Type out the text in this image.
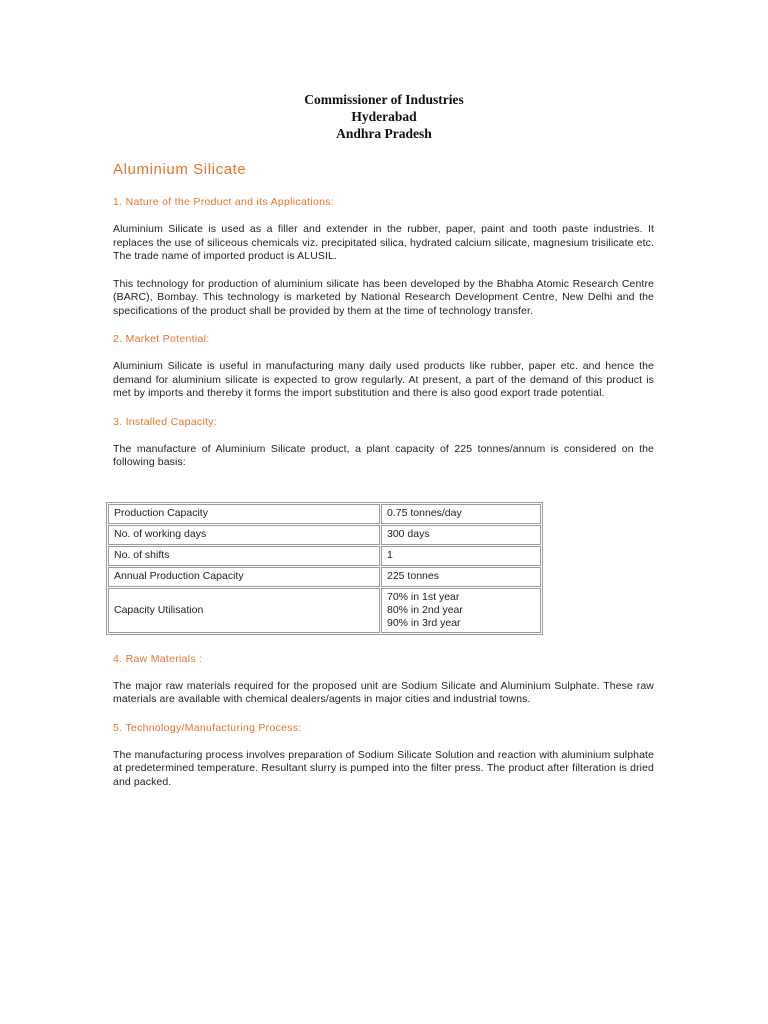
Commissioner of Industries
Hyderabad
Andhra Pradesh
Aluminium Silicate
1. Nature of the Product and its Applications:

Aluminium Silicate is used as a filler and extender in the rubber, paper, paint and tooth paste industries. It replaces the use of siliceous chemicals viz. precipitated silica, hydrated calcium silicate, magnesium trisilicate etc. The trade name of imported product is ALUSIL.

This technology for production of aluminium silicate has been developed by the Bhabha Atomic Research Centre (BARC), Bombay. This technology is marketed by National Research Development Centre, New Delhi and the specifications of the product shall be provided by them at the time of technology transfer.

2. Market Potential:

Aluminium Silicate is useful in manufacturing many daily used products like rubber, paper etc. and hence the demand for aluminium silicate is expected to grow regularly. At present, a part of the demand of this product is met by imports and thereby it forms the import substitution and there is also good export trade potential.

3. Installed Capacity:

The manufacture of Aluminium Silicate product, a plant capacity of 225 tonnes/annum is considered on the following basis:

Production Capacity	0.75 tonnes/day
No. of working days	300 days
No. of shifts	1
Annual Production Capacity	225 tonnes
Capacity Utilisation	70% in 1st year
80% in 2nd year
90% in 3rd year
4. Raw Materials :

The major raw materials required for the proposed unit are Sodium Silicate and Aluminium Sulphate. These raw materials are available with chemical dealers/agents in major cities and industrial towns.

5. Technology/Manufacturing Process:

The manufacturing process involves preparation of Sodium Silicate Solution and reaction with aluminium sulphate at predetermined temperature. Resultant slurry is pumped into the filter press. The product after filteration is dried and packed.
